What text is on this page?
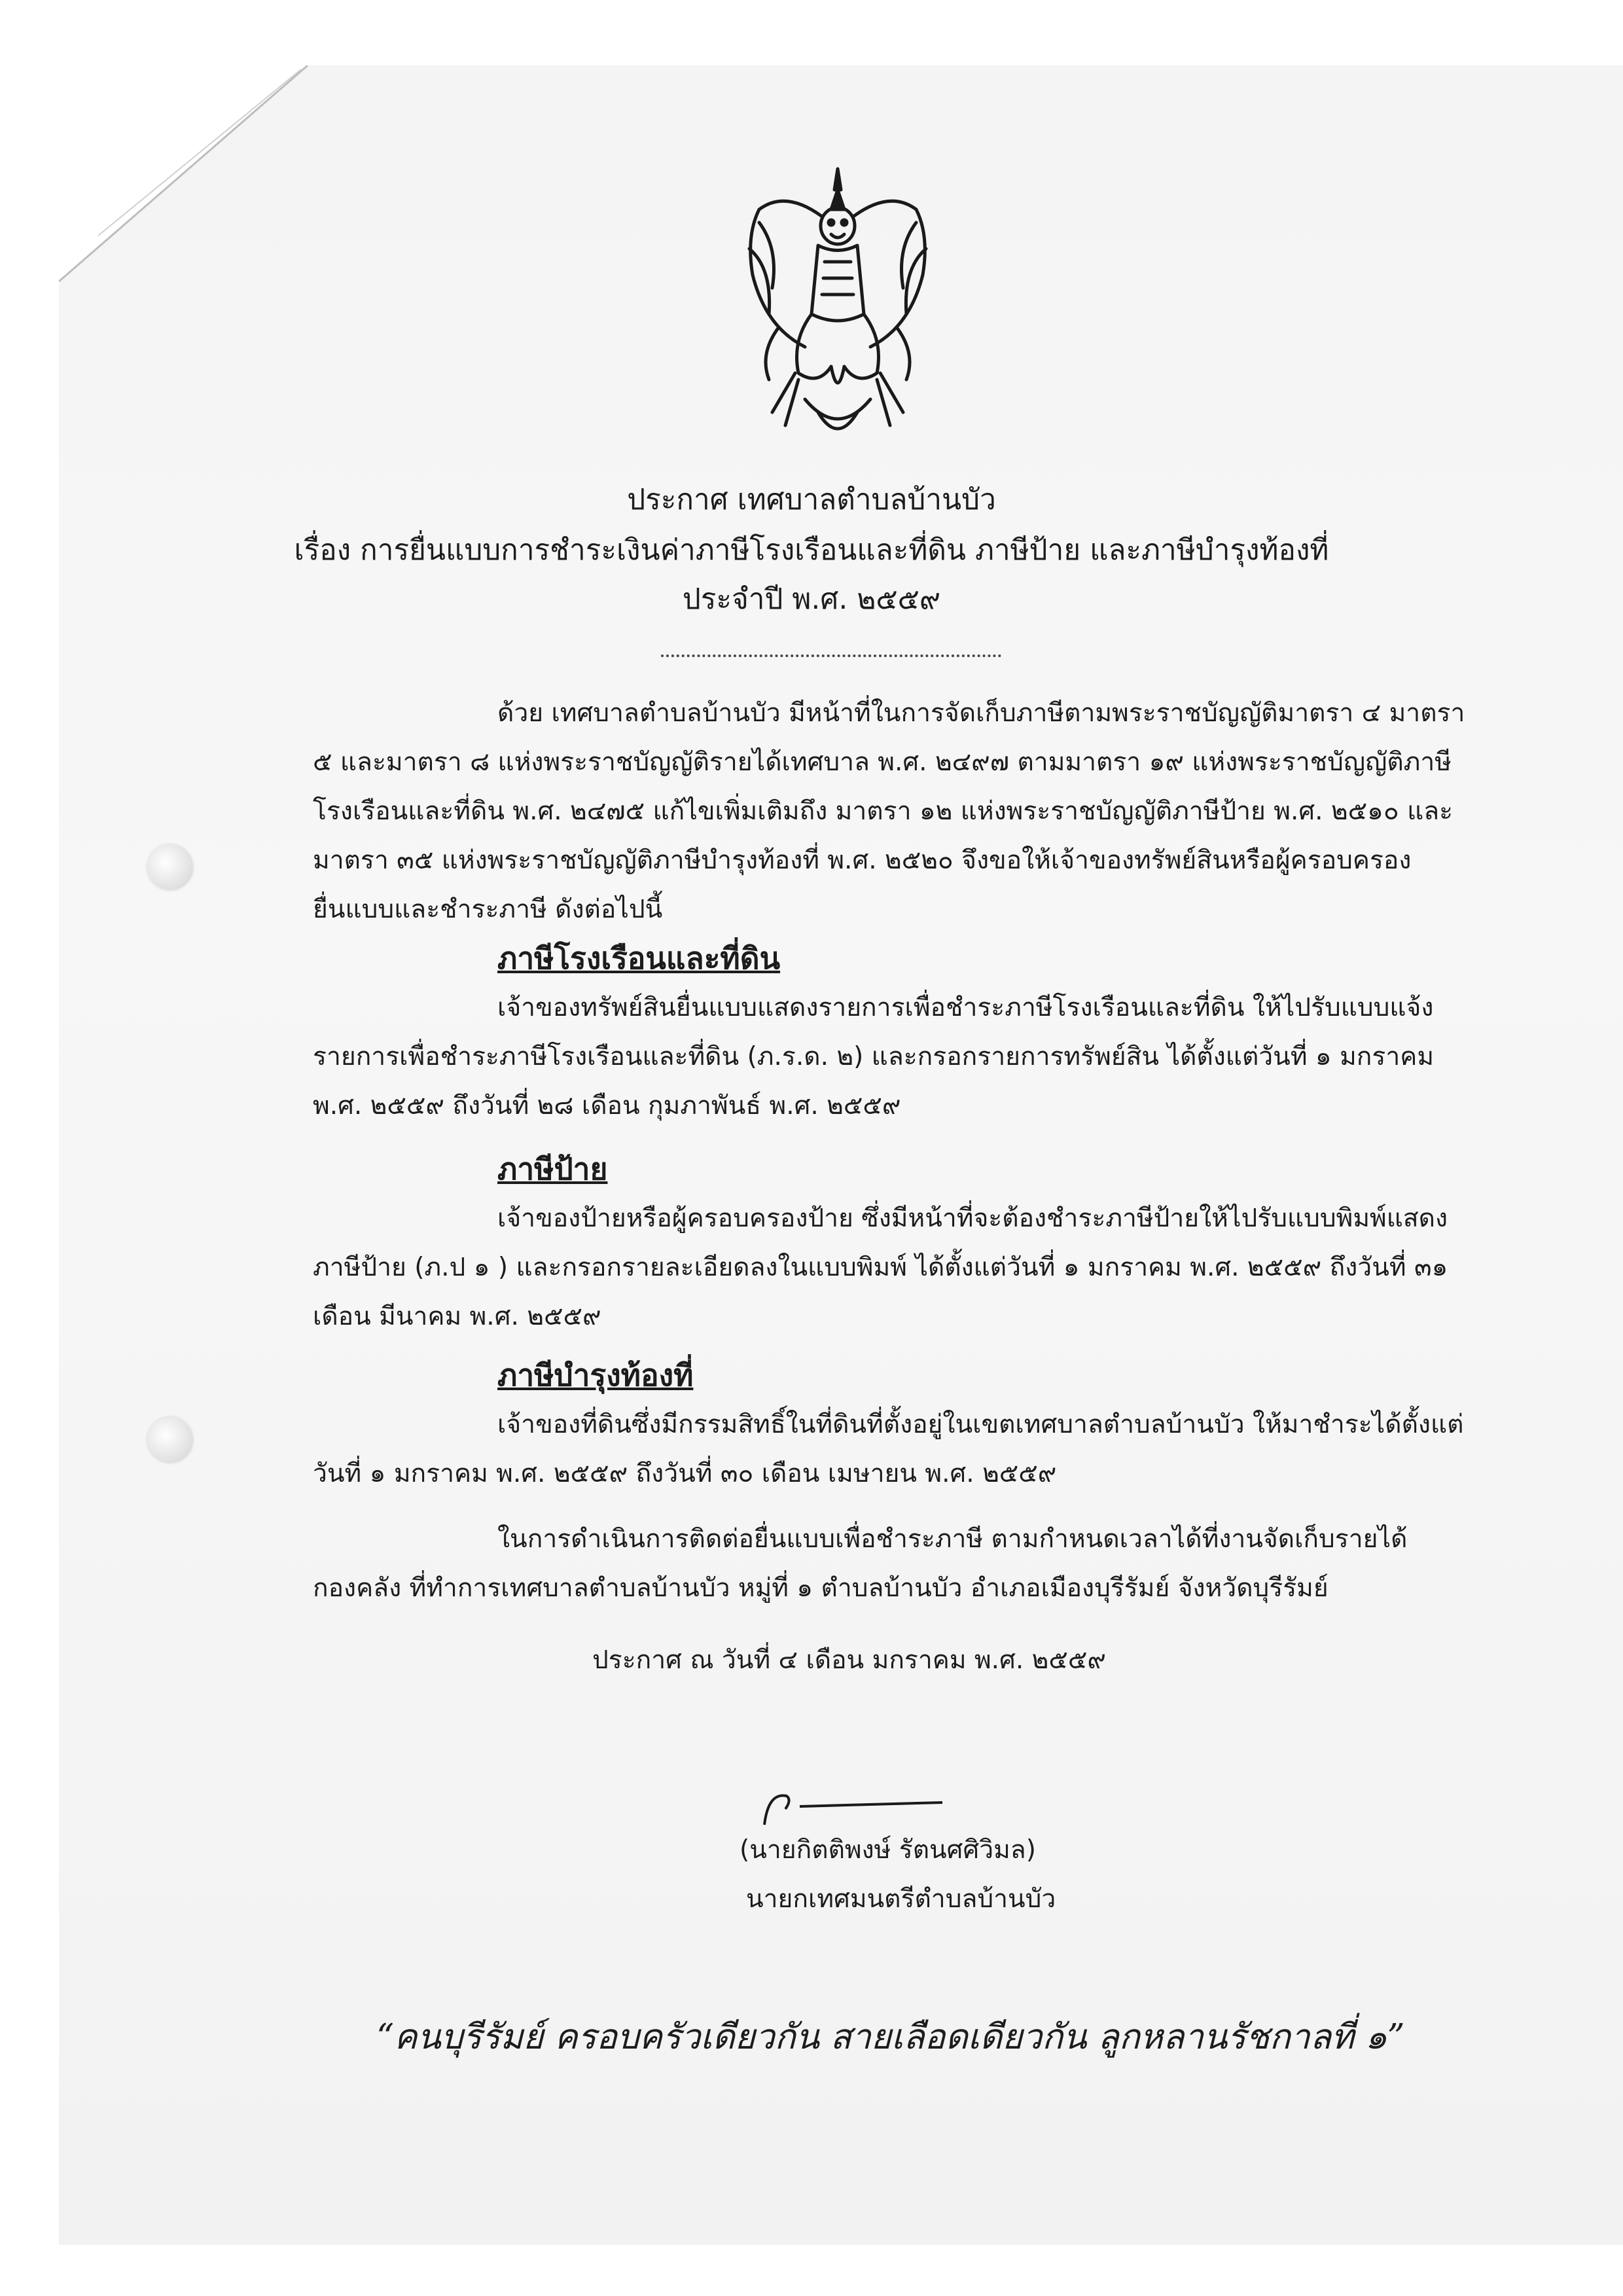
ประกาศ เทศบาลตำบลบ้านบัว
เรื่อง การยื่นแบบการชำระเงินค่าภาษีโรงเรือนและที่ดิน ภาษีป้าย และภาษีบำรุงท้องที่
ประจำปี พ.ศ. ๒๕๕๙
ด้วย เทศบาลตำบลบ้านบัว มีหน้าที่ในการจัดเก็บภาษีตามพระราชบัญญัติมาตรา ๔ มาตรา
๕ และมาตรา ๘ แห่งพระราชบัญญัติรายได้เทศบาล พ.ศ. ๒๔๙๗ ตามมาตรา ๑๙ แห่งพระราชบัญญัติภาษี
โรงเรือนและที่ดิน พ.ศ. ๒๔๗๕ แก้ไขเพิ่มเติมถึง มาตรา ๑๒ แห่งพระราชบัญญัติภาษีป้าย พ.ศ. ๒๕๑๐ และ
มาตรา ๓๕ แห่งพระราชบัญญัติภาษีบำรุงท้องที่ พ.ศ. ๒๕๒๐ จึงขอให้เจ้าของทรัพย์สินหรือผู้ครอบครอง
ยื่นแบบและชำระภาษี ดังต่อไปนี้
ภาษีโรงเรือนและที่ดิน
เจ้าของทรัพย์สินยื่นแบบแสดงรายการเพื่อชำระภาษีโรงเรือนและที่ดิน ให้ไปรับแบบแจ้ง
รายการเพื่อชำระภาษีโรงเรือนและที่ดิน (ภ.ร.ด. ๒) และกรอกรายการทรัพย์สิน ได้ตั้งแต่วันที่ ๑ มกราคม
พ.ศ. ๒๕๕๙ ถึงวันที่ ๒๘ เดือน กุมภาพันธ์ พ.ศ. ๒๕๕๙
ภาษีป้าย
เจ้าของป้ายหรือผู้ครอบครองป้าย ซึ่งมีหน้าที่จะต้องชำระภาษีป้ายให้ไปรับแบบพิมพ์แสดง
ภาษีป้าย (ภ.ป ๑ ) และกรอกรายละเอียดลงในแบบพิมพ์ ได้ตั้งแต่วันที่ ๑ มกราคม พ.ศ. ๒๕๕๙ ถึงวันที่ ๓๑
เดือน มีนาคม พ.ศ. ๒๕๕๙
ภาษีบำรุงท้องที่
เจ้าของที่ดินซึ่งมีกรรมสิทธิ์ในที่ดินที่ตั้งอยู่ในเขตเทศบาลตำบลบ้านบัว ให้มาชำระได้ตั้งแต่
วันที่ ๑ มกราคม พ.ศ. ๒๕๕๙ ถึงวันที่ ๓๐ เดือน เมษายน พ.ศ. ๒๕๕๙
ในการดำเนินการติดต่อยื่นแบบเพื่อชำระภาษี ตามกำหนดเวลาได้ที่งานจัดเก็บรายได้
กองคลัง ที่ทำการเทศบาลตำบลบ้านบัว หมู่ที่ ๑ ตำบลบ้านบัว อำเภอเมืองบุรีรัมย์ จังหวัดบุรีรัมย์
ประกาศ ณ วันที่ ๔ เดือน มกราคม พ.ศ. ๒๕๕๙
(นายกิตติพงษ์ รัตนศศิวิมล)
นายกเทศมนตรีตำบลบ้านบัว
“คนบุรีรัมย์ ครอบครัวเดียวกัน สายเลือดเดียวกัน ลูกหลานรัชกาลที่ ๑”
